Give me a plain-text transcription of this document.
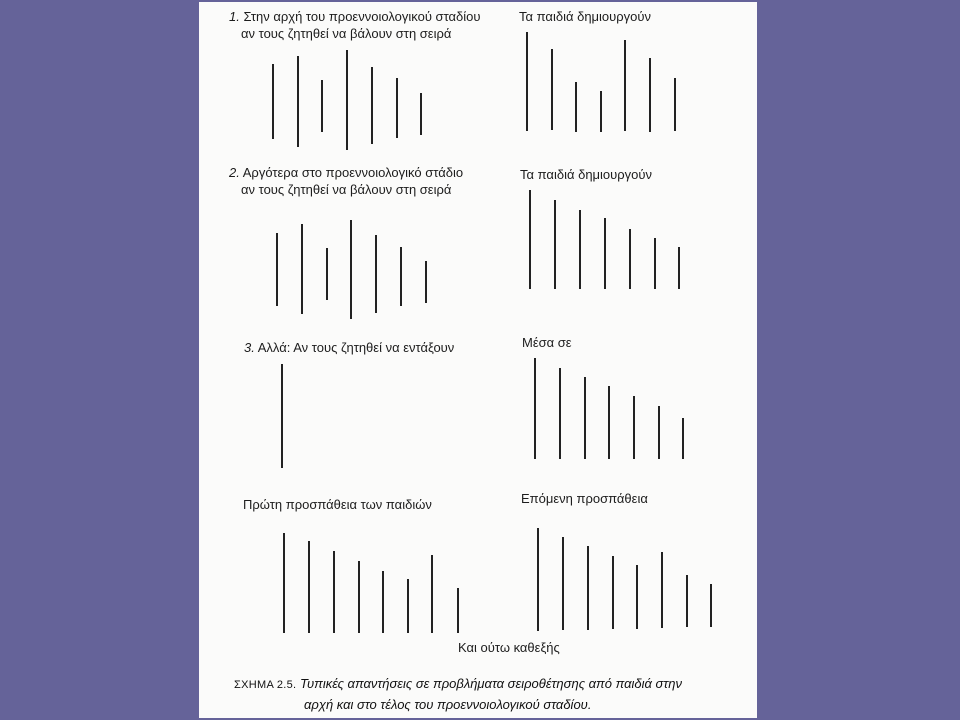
1. Στην αρχή του προεννοιολογικού σταδίου
αν τους ζητηθεί να βάλουν στη σειρά
Τα παιδιά δημιουργούν
2. Αργότερα στο προεννοιολογικό στάδιο
αν τους ζητηθεί να βάλουν στη σειρά
Τα παιδιά δημιουργούν
3. Αλλά: Αν τους ζητηθεί να εντάξουν	Μέσα σε
Πρώτη προσπάθεια των παιδιών	Επόμενη προσπάθεια
Και ούτω καθεξής
ΣΧΗΜΑ 2.5. Τυπικές απαντήσεις σε προβλήματα σειροθέτησης από παιδιά στην
αρχή και στο τέλος του προεννοιολογικού σταδίου.
